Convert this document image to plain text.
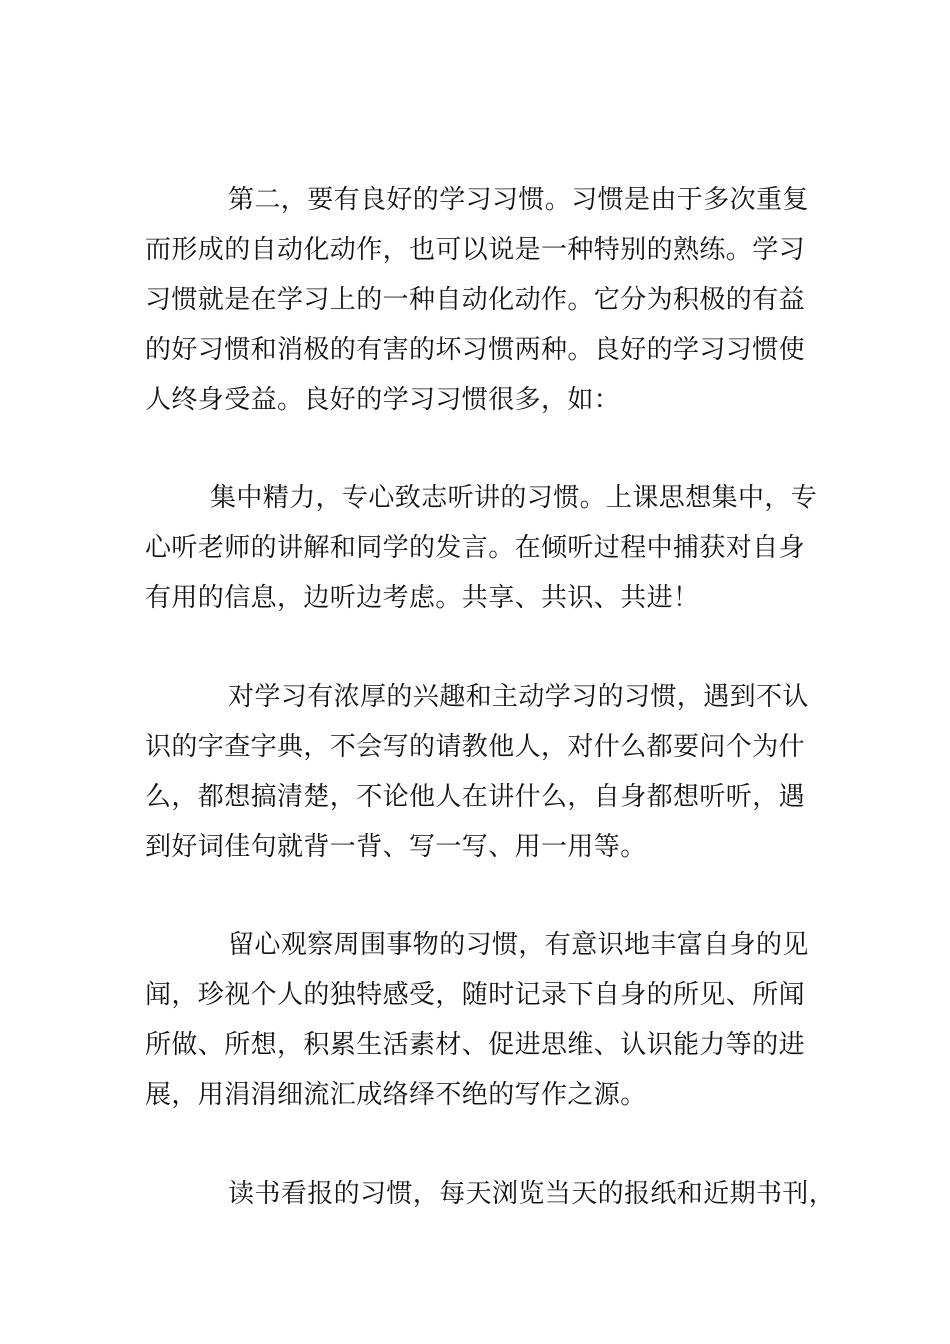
第二，要有良好的学习习惯。习惯是由于多次重复
而形成的自动化动作，也可以说是一种特别的熟练。学习
习惯就是在学习上的一种自动化动作。它分为积极的有益
的好习惯和消极的有害的坏习惯两种。良好的学习习惯使
人终身受益。良好的学习习惯很多，如：
集中精力，专心致志听讲的习惯。上课思想集中，专
心听老师的讲解和同学的发言。在倾听过程中捕获对自身
有用的信息，边听边考虑。共享、共识、共进！
对学习有浓厚的兴趣和主动学习的习惯，遇到不认
识的字查字典，不会写的请教他人，对什么都要问个为什
么，都想搞清楚，不论他人在讲什么，自身都想听听，遇
到好词佳句就背一背、写一写、用一用等。
留心观察周围事物的习惯，有意识地丰富自身的见
闻，珍视个人的独特感受，随时记录下自身的所见、所闻
所做、所想，积累生活素材、促进思维、认识能力等的进
展，用涓涓细流汇成络绎不绝的写作之源。
读书看报的习惯，每天浏览当天的报纸和近期书刊，
